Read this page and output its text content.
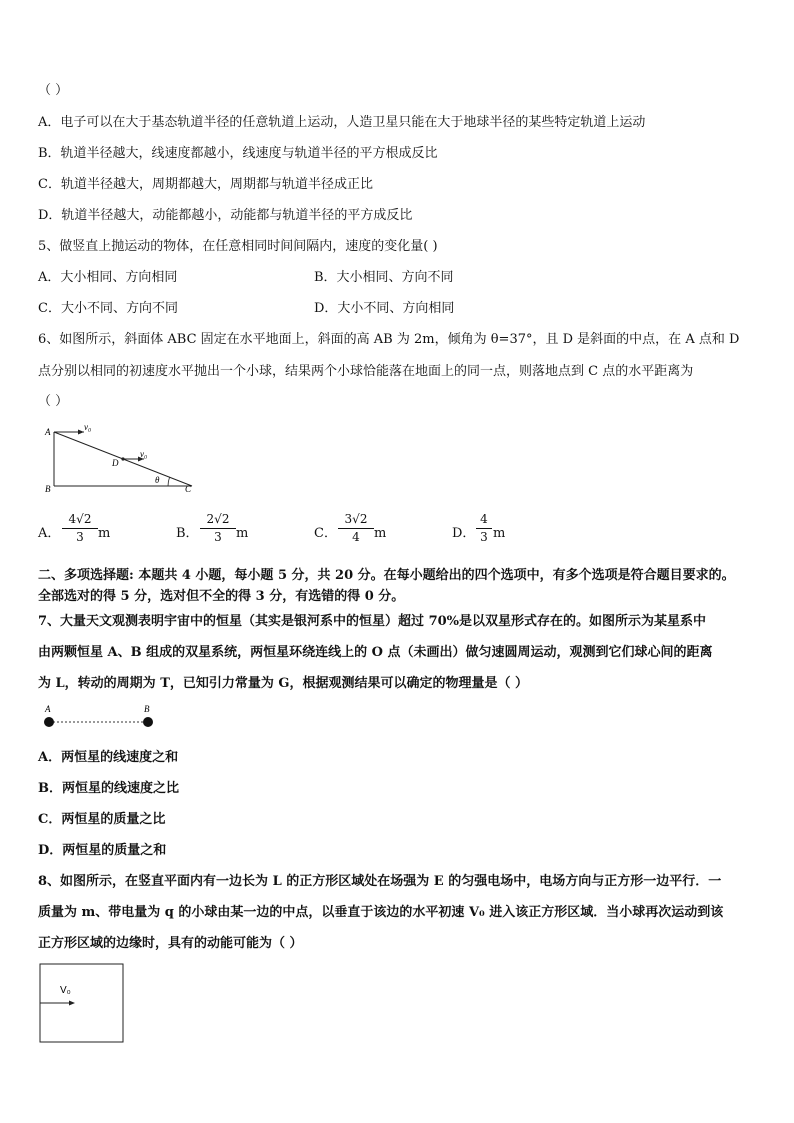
（ ）
A．电子可以在大于基态轨道半径的任意轨道上运动，人造卫星只能在大于地球半径的某些特定轨道上运动
B．轨道半径越大，线速度都越小，线速度与轨道半径的平方根成反比
C．轨道半径越大，周期都越大，周期都与轨道半径成正比
D．轨道半径越大，动能都越小，动能都与轨道半径的平方成反比
5、做竖直上抛运动的物体，在任意相同时间间隔内，速度的变化量( )
A．大小相同、方向相同	B．大小相同、方向不同
C．大小不同、方向不同	D．大小不同、方向相同
6、如图所示，斜面体 ABC 固定在水平地面上，斜面的高 AB 为 2m，倾角为 θ=37°，且 D 是斜面的中点，在 A 点和 D
点分别以相同的初速度水平抛出一个小球，结果两个小球恰能落在地面上的同一点，则落地点到 C 点的水平距离为
（ ）
A
B	C
D
θ
v₀
v₀
A．
4√2
3	m	B．
2√2
3	m	C．
3√2
4	m	D．
4
3 m
二、多项选择题: 本题共 4 小题，每小题 5 分，共 20 分。在每小题给出的四个选项中，有多个选项是符合题目要求的。
全部选对的得 5 分，选对但不全的得 3 分，有选错的得 0 分。
7、大量天文观测表明宇宙中的恒星（其实是银河系中的恒星）超过 70%是以双星形式存在的。如图所示为某星系中
由两颗恒星 A、B 组成的双星系统，两恒星环绕连线上的 O 点（未画出）做匀速圆周运动，观测到它们球心间的距离
为 L，转动的周期为 T，已知引力常量为 G，根据观测结果可以确定的物理量是（ ）
A	B
A．两恒星的线速度之和
B．两恒星的线速度之比
C．两恒星的质量之比
D．两恒星的质量之和
8、如图所示，在竖直平面内有一边长为 L 的正方形区域处在场强为 E 的匀强电场中，电场方向与正方形一边平行．一
质量为 m、带电量为 q 的小球由某一边的中点，以垂直于该边的水平初速 V₀ 进入该正方形区域．当小球再次运动到该
正方形区域的边缘时，具有的动能可能为（ ）
V₀
